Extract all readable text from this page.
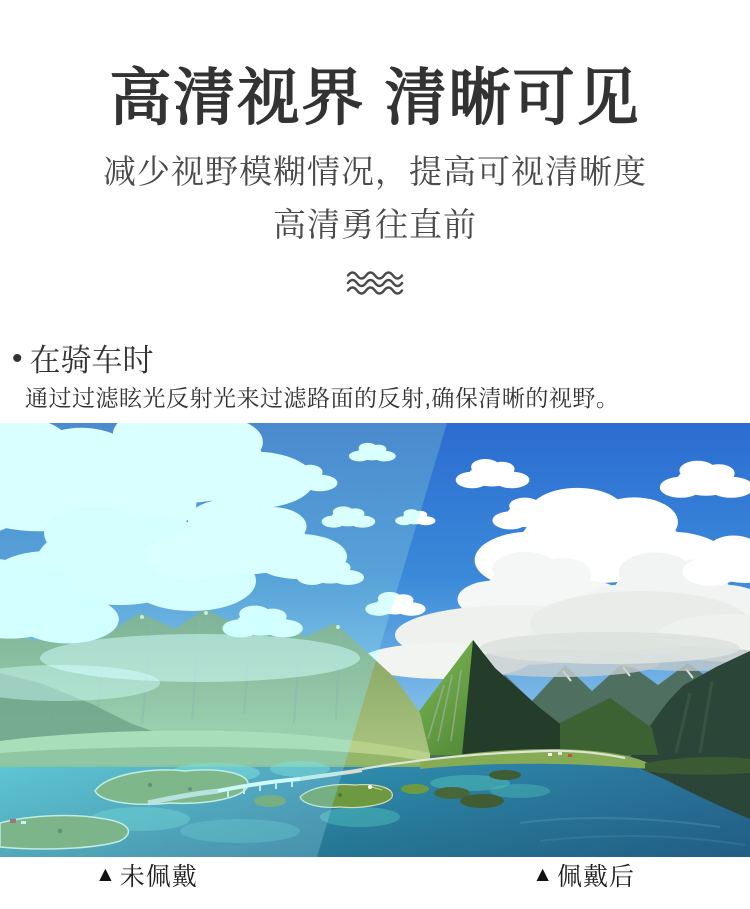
高清视界 清晰可见

减少视野模糊情况，提高可视清晰度

高清勇往直前

• 在骑车时

通过过滤眩光反射光来过滤路面的反射,确保清晰的视野。

▲ 未佩戴	▲ 佩戴后
